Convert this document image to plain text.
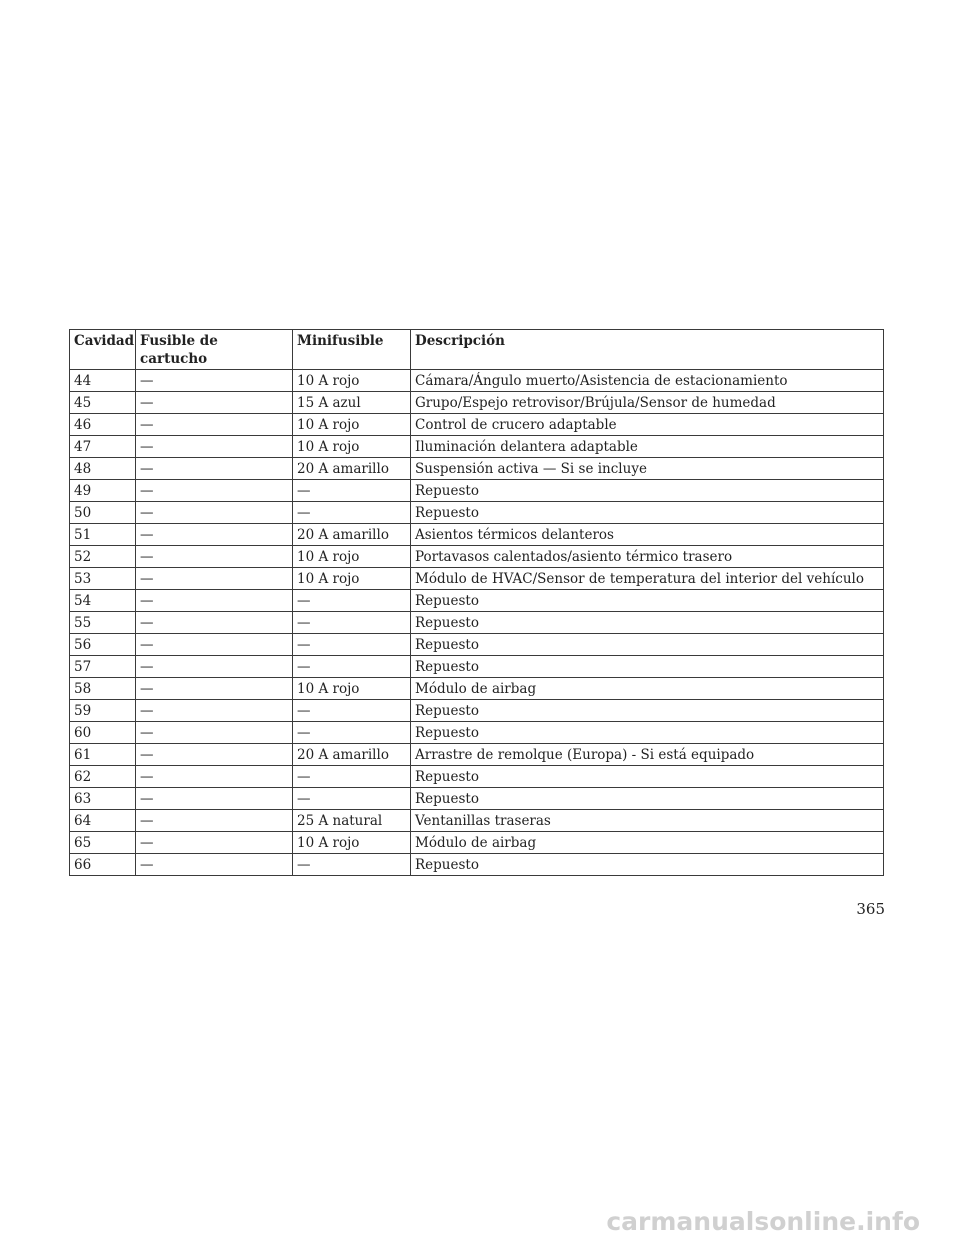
Cavidad	Fusible de cartucho	Minifusible	Descripción
44	—	10 A rojo	Cámara/Ángulo muerto/Asistencia de estacionamiento
45	—	15 A azul	Grupo/Espejo retrovisor/Brújula/Sensor de humedad
46	—	10 A rojo	Control de crucero adaptable
47	—	10 A rojo	Iluminación delantera adaptable
48	—	20 A amarillo	Suspensión activa — Si se incluye
49	—	—	Repuesto
50	—	—	Repuesto
51	—	20 A amarillo	Asientos térmicos delanteros
52	—	10 A rojo	Portavasos calentados/asiento térmico trasero
53	—	10 A rojo	Módulo de HVAC/Sensor de temperatura del interior del vehículo
54	—	—	Repuesto
55	—	—	Repuesto
56	—	—	Repuesto
57	—	—	Repuesto
58	—	10 A rojo	Módulo de airbag
59	—	—	Repuesto
60	—	—	Repuesto
61	—	20 A amarillo	Arrastre de remolque (Europa) - Si está equipado
62	—	—	Repuesto
63	—	—	Repuesto
64	—	25 A natural	Ventanillas traseras
65	—	10 A rojo	Módulo de airbag
66	—	—	Repuesto
365
carmanualsonline.info
